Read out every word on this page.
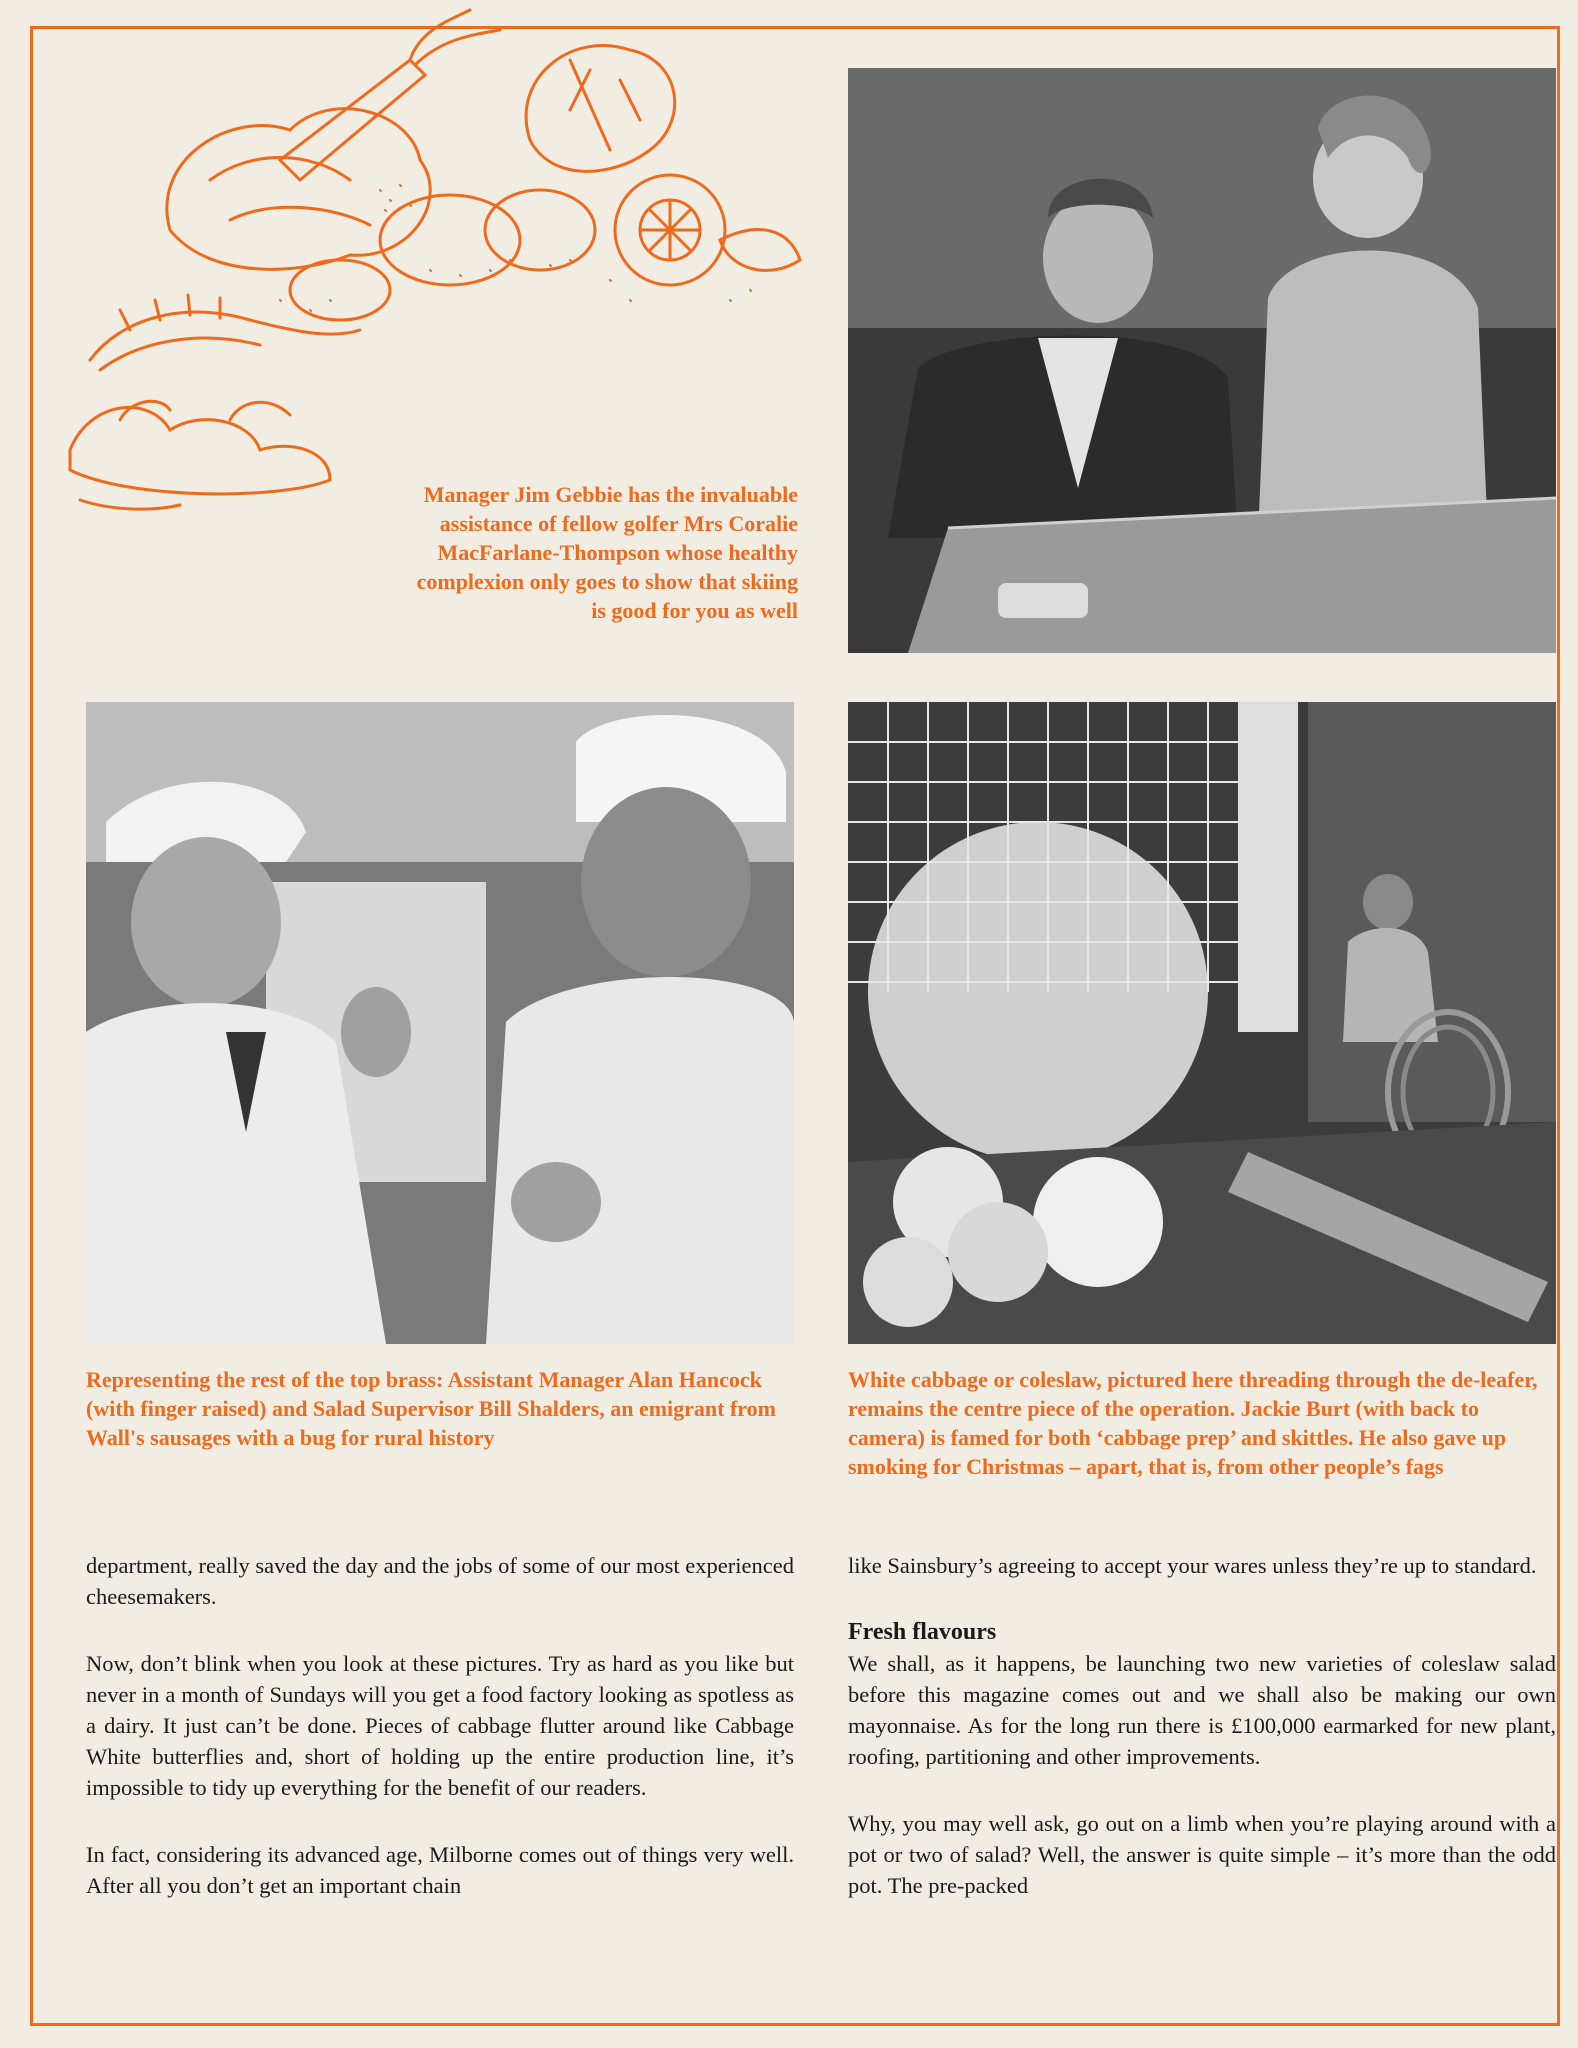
Manager Jim Gebbie has the invaluable assistance of fellow golfer Mrs Coralie MacFarlane-Thompson whose healthy complexion only goes to show that skiing is good for you as well
Representing the rest of the top brass: Assistant Manager Alan Hancock (with finger raised) and Salad Supervisor Bill Shalders, an emigrant from Wall's sausages with a bug for rural history
White cabbage or coleslaw, pictured here threading through the de-leafer, remains the centre piece of the operation. Jackie Burt (with back to camera) is famed for both ‘cabbage prep’ and skittles. He also gave up smoking for Christmas – apart, that is, from other people’s fags

department, really saved the day and the jobs of some of our most experienced cheesemakers.

Now, don’t blink when you look at these pictures. Try as hard as you like but never in a month of Sundays will you get a food factory looking as spotless as a dairy. It just can’t be done. Pieces of cabbage flutter around like Cabbage White butterflies and, short of holding up the entire production line, it’s impossible to tidy up everything for the benefit of our readers.

In fact, considering its advanced age, Milborne comes out of things very well. After all you don’t get an important chain

like Sainsbury’s agreeing to accept your wares unless they’re up to standard.

Fresh flavours

We shall, as it happens, be launching two new varieties of coleslaw salad before this magazine comes out and we shall also be making our own mayonnaise. As for the long run there is £100,000 earmarked for new plant, roofing, partitioning and other improvements.

Why, you may well ask, go out on a limb when you’re playing around with a pot or two of salad? Well, the answer is quite simple – it’s more than the odd pot. The pre-packed
